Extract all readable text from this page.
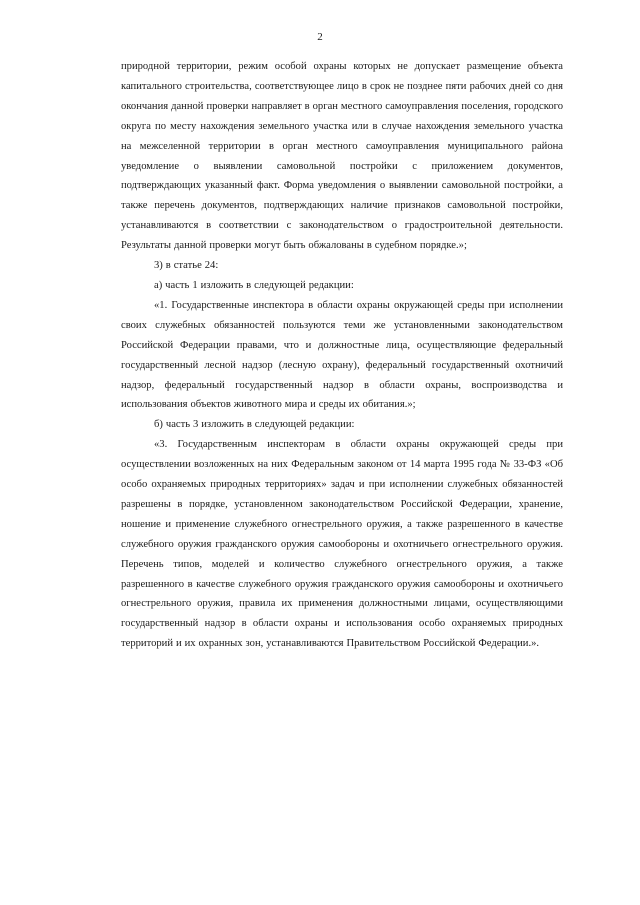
2

природной территории, режим особой охраны которых не допускает размещение объекта капитального строительства, соответствующее лицо в срок не позднее пяти рабочих дней со дня окончания данной проверки направляет в орган местного самоуправления поселения, городского округа по месту нахождения земельного участка или в случае нахождения земельного участка на межселенной территории в орган местного самоуправления муниципального района уведомление о выявлении самовольной постройки с приложением документов, подтверждающих указанный факт. Форма уведомления о выявлении самовольной постройки, а также перечень документов, подтверждающих наличие признаков самовольной постройки, устанавливаются в соответствии с законодательством о градостроительной деятельности. Результаты данной проверки могут быть обжалованы в судебном порядке.»;

3) в статье 24:

а) часть 1 изложить в следующей редакции:

«1. Государственные инспектора в области охраны окружающей среды при исполнении своих служебных обязанностей пользуются теми же установленными законодательством Российской Федерации правами, что и должностные лица, осуществляющие федеральный государственный лесной надзор (лесную охрану), федеральный государственный охотничий надзор, федеральный государственный надзор в области охраны, воспроизводства и использования объектов животного мира и среды их обитания.»;

б) часть 3 изложить в следующей редакции:

«3. Государственным инспекторам в области охраны окружающей среды при осуществлении возложенных на них Федеральным законом от 14 марта 1995 года № 33-ФЗ «Об особо охраняемых природных территориях» задач и при исполнении служебных обязанностей разрешены в порядке, установленном законодательством Российской Федерации, хранение, ношение и применение служебного огнестрельного оружия, а также разрешенного в качестве служебного оружия гражданского оружия самообороны и охотничьего огнестрельного оружия. Перечень типов, моделей и количество служебного огнестрельного оружия, а также разрешенного в качестве служебного оружия гражданского оружия самообороны и охотничьего огнестрельного оружия, правила их применения должностными лицами, осуществляющими государственный надзор в области охраны и использования особо охраняемых природных территорий и их охранных зон, устанавливаются Правительством Российской Федерации.».
